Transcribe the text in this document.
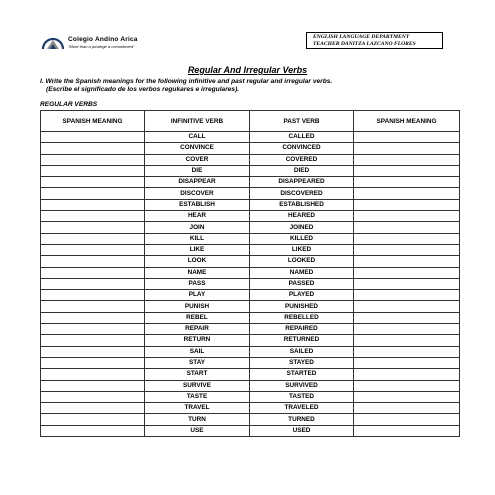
Colegio Andino Arica
"More than a privilege a commitment"
ENGLISH LANGUAGE DEPARTMENT
TEACHER DANITZA LAZCANO FLORES
Regular And Irregular Verbs
I. Write the Spanish meanings for the following infinitive and past regular and irregular verbs.
(Escribe el significado de los verbos regukares e irregulares).
REGULAR VERBS
SPANISH MEANING	INFINITIVE VERB	PAST VERB	SPANISH MEANING
	CALL	CALLED	
	CONVINCE	CONVINCED	
	COVER	COVERED	
	DIE	DIED	
	DISAPPEAR	DISAPPEARED	
	DISCOVER	DISCOVERED	
	ESTABLISH	ESTABLISHED	
	HEAR	HEARED	
	JOIN	JOINED	
	KILL	KILLED	
	LIKE	LIKED	
	LOOK	LOOKED	
	NAME	NAMED	
	PASS	PASSED	
	PLAY	PLAYED	
	PUNISH	PUNISHED	
	REBEL	REBELLED	
	REPAIR	REPAIRED	
	RETURN	RETURNED	
	SAIL	SAILED	
	STAY	STAYED	
	START	STARTED	
	SURVIVE	SURVIVED	
	TASTE	TASTED	
	TRAVEL	TRAVELED	
	TURN	TURNED	
	USE	USED	
